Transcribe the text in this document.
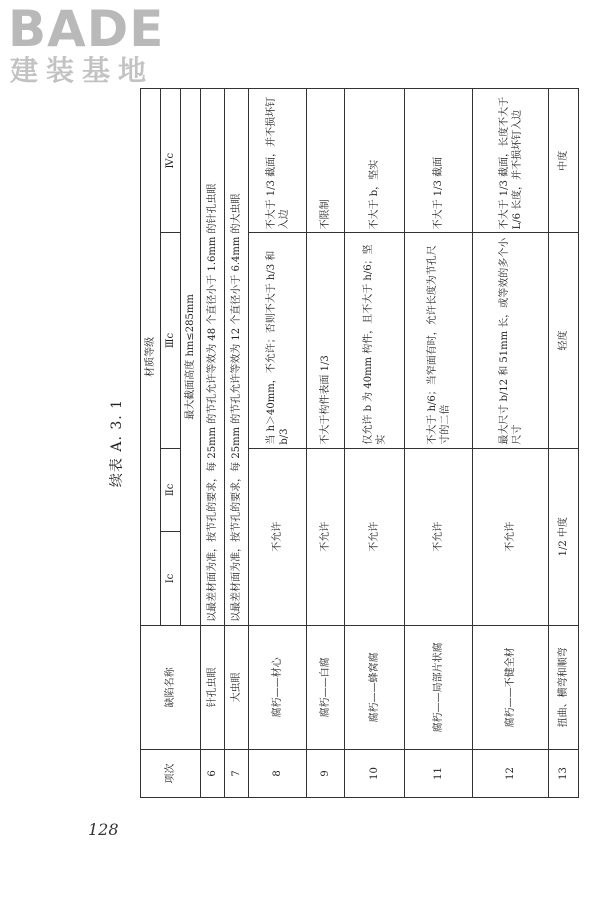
BADE
建装基地
128
续表 A. 3. 1
项次	缺陷名称	材质等级			
		Ⅰc	Ⅱc	Ⅲc	Ⅳc
		最大截面高度 hm≤285mm			
6	针孔虫眼	以最差材面为准，按节孔的要求，每 25mm 的节孔允许等效为 48 个直径小于 1.6mm 的针孔虫眼			
7	大虫眼	以最差材面为准，按节孔的要求，每 25mm 的节孔允许等效为 12 个直径小于 6.4mm 的大虫眼			
8	腐朽——材心	不允许		当 h＞40mm，不允许；否则不大于 h/3 和 b/3	不大于 1/3 截面，并不损坏钉入边
9	腐朽——白腐	不允许		不大于构件表面 1/3	不限制
10	腐朽——蜂窝腐	不允许		仅允许 b 为 40mm 构件，且不大于 h/6；坚实	不大于 b，坚实
11	腐朽——局部片状腐	不允许		不大于 h/6；当窄面有时，允许长度为节孔尺寸的二倍	不大于 1/3 截面
12	腐朽——不健全材	不允许		最大尺寸 b/12 和 51mm 长，或等效的多个小尺寸	不大于 1/3 截面，长度不大于 L/6 长度，并不损坏钉入边
13	扭曲、横弯和顺弯	1/2 中度		轻度	中度
